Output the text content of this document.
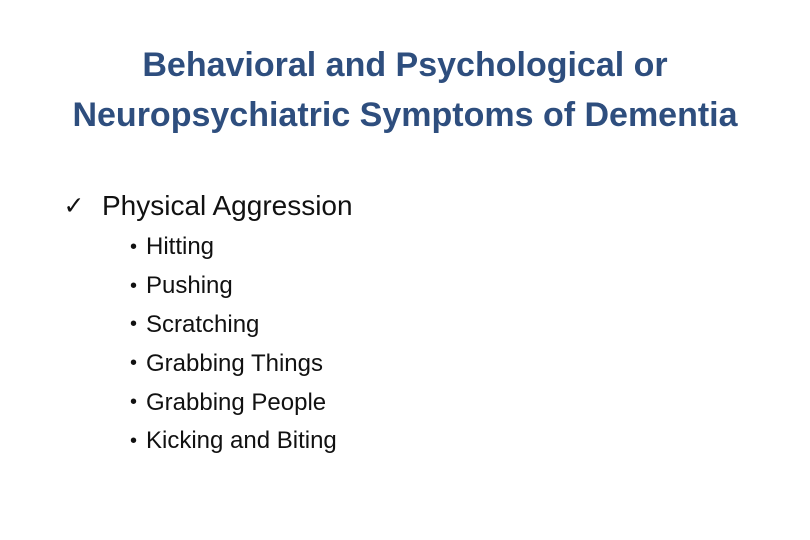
Behavioral and Psychological or
Neuropsychiatric Symptoms of Dementia
✓ Physical Aggression
• Hitting
• Pushing
• Scratching
• Grabbing Things
• Grabbing People
• Kicking and Biting
